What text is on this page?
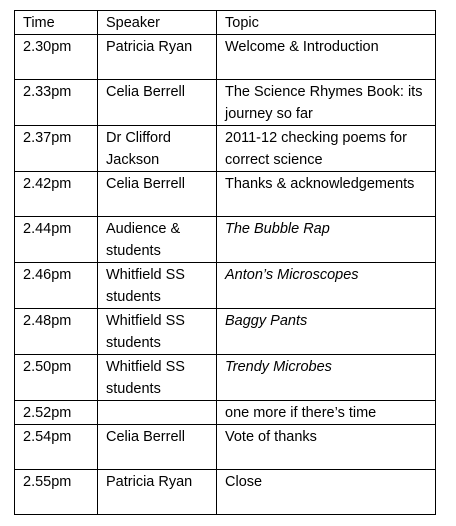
Time	Speaker	Topic
2.30pm	Patricia Ryan	Welcome & Introduction
2.33pm	Celia Berrell	The Science Rhymes Book: its journey so far
2.37pm	Dr Clifford Jackson	2011-12 checking poems for correct science
2.42pm	Celia Berrell	Thanks & acknowledgements
2.44pm	Audience & students	The Bubble Rap
2.46pm	Whitfield SS students	Anton’s Microscopes
2.48pm	Whitfield SS students	Baggy Pants
2.50pm	Whitfield SS students	Trendy Microbes
2.52pm		one more if there’s time
2.54pm	Celia Berrell	Vote of thanks
2.55pm	Patricia Ryan	Close
